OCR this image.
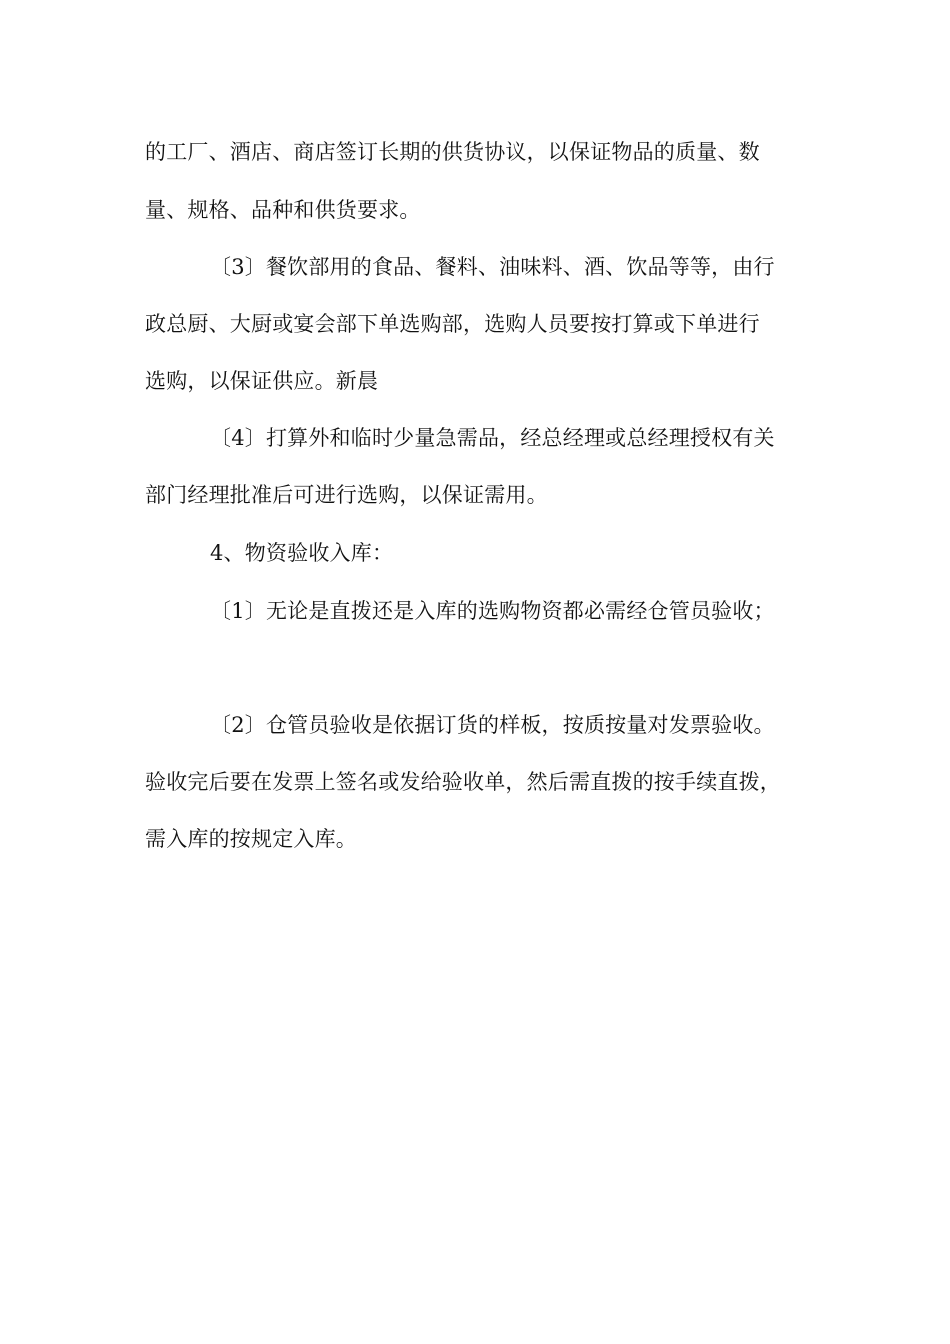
的工厂、酒店、商店签订长期的供货协议，以保证物品的质量、数
量、规格、品种和供货要求。
〔3〕餐饮部用的食品、餐料、油味料、酒、饮品等等，由行
政总厨、大厨或宴会部下单选购部，选购人员要按打算或下单进行
选购，以保证供应。新晨
〔4〕打算外和临时少量急需品，经总经理或总经理授权有关
部门经理批准后可进行选购，以保证需用。
4、物资验收入库：
〔1〕无论是直拨还是入库的选购物资都必需经仓管员验收；
〔2〕仓管员验收是依据订货的样板，按质按量对发票验收。
验收完后要在发票上签名或发给验收单，然后需直拨的按手续直拨，
需入库的按规定入库。
